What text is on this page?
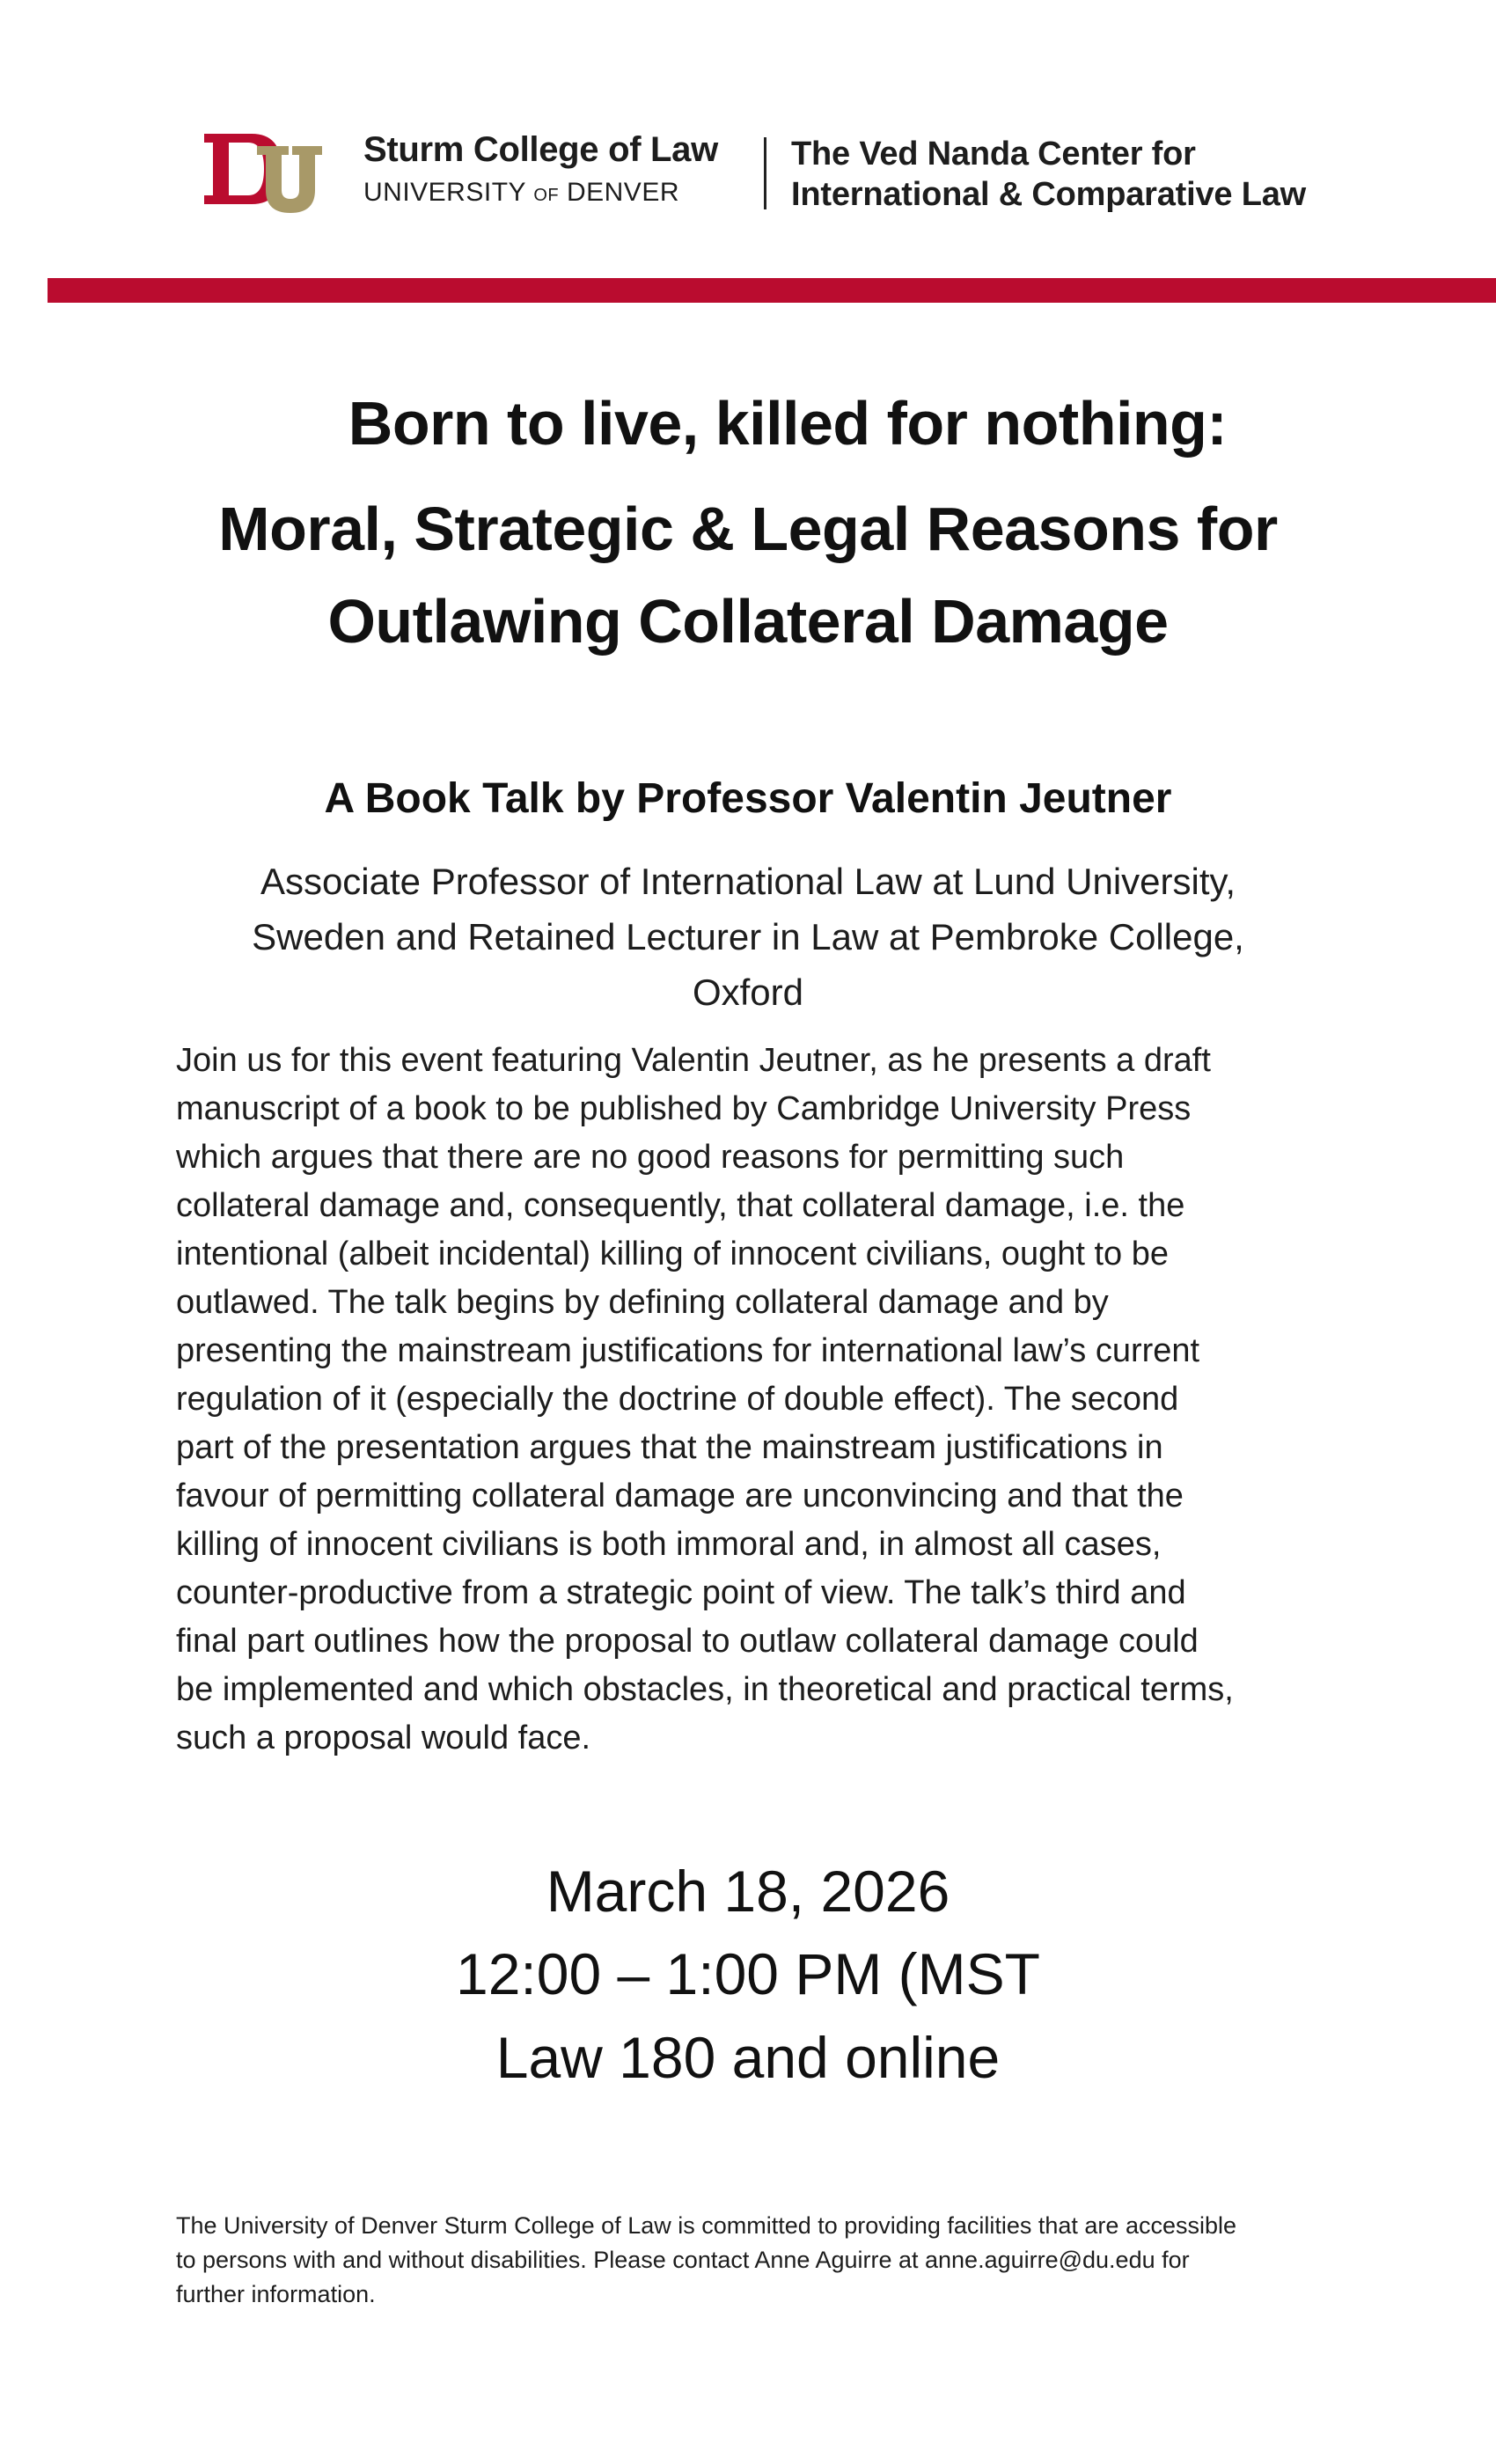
Sturm College of Law
UNIVERSITY OF DENVER
The Ved Nanda Center for
International & Comparative Law
Born to live, killed for nothing:
Moral, Strategic & Legal Reasons for
Outlawing Collateral Damage
A Book Talk by Professor Valentin Jeutner
Associate Professor of International Law at Lund University,
Sweden and Retained Lecturer in Law at Pembroke College,
Oxford
Join us for this event featuring Valentin Jeutner, as he presents a draft
manuscript of a book to be published by Cambridge University Press
which argues that there are no good reasons for permitting such
collateral damage and, consequently, that collateral damage, i.e. the
intentional (albeit incidental) killing of innocent civilians, ought to be
outlawed. The talk begins by defining collateral damage and by
presenting the mainstream justifications for international law’s current
regulation of it (especially the doctrine of double effect). The second
part of the presentation argues that the mainstream justifications in
favour of permitting collateral damage are unconvincing and that the
killing of innocent civilians is both immoral and, in almost all cases,
counter-productive from a strategic point of view. The talk’s third and
final part outlines how the proposal to outlaw collateral damage could
be implemented and which obstacles, in theoretical and practical terms,
such a proposal would face.
March 18, 2026
12:00 – 1:00 PM (MST
Law 180 and online
The University of Denver Sturm College of Law is committed to providing facilities that are accessible
to persons with and without disabilities. Please contact Anne Aguirre at anne.aguirre@du.edu for
further information.
